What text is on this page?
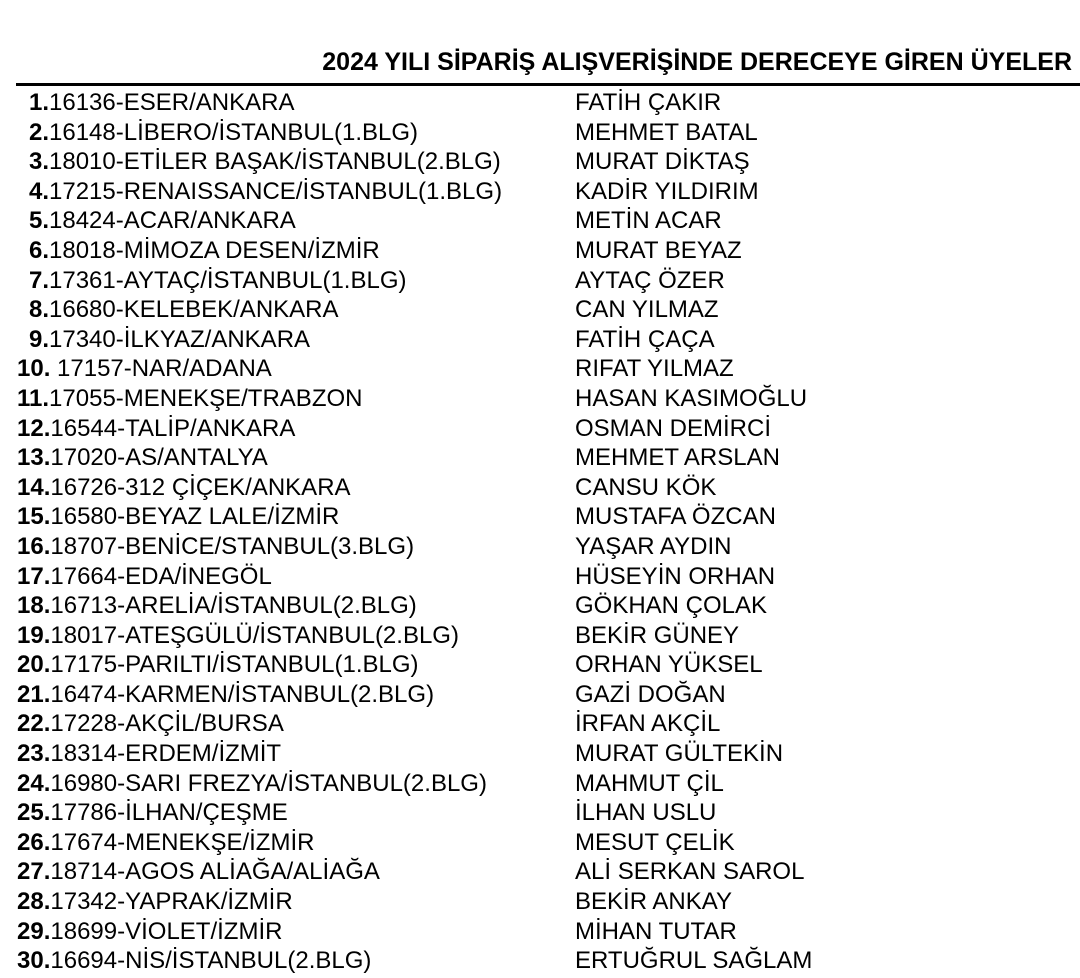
2024 YILI SİPARİŞ ALIŞVERİŞİNDE DERECEYE GİREN ÜYELER
1.16136-ESER/ANKARA	FATİH ÇAKIR
2.16148-LİBERO/İSTANBUL(1.BLG)	MEHMET BATAL
3.18010-ETİLER BAŞAK/İSTANBUL(2.BLG)	MURAT DİKTAŞ
4.17215-RENAISSANCE/İSTANBUL(1.BLG)	KADİR YILDIRIM
5.18424-ACAR/ANKARA	METİN ACAR
6.18018-MİMOZA DESEN/İZMİR	MURAT BEYAZ
7.17361-AYTAÇ/İSTANBUL(1.BLG)	AYTAÇ ÖZER
8.16680-KELEBEK/ANKARA	CAN YILMAZ
9.17340-İLKYAZ/ANKARA	FATİH ÇAÇA
10. 17157-NAR/ADANA	RIFAT YILMAZ
11.17055-MENEKŞE/TRABZON	HASAN KASIMOĞLU
12.16544-TALİP/ANKARA	OSMAN DEMİRCİ
13.17020-AS/ANTALYA	MEHMET ARSLAN
14.16726-312 ÇİÇEK/ANKARA	CANSU KÖK
15.16580-BEYAZ LALE/İZMİR	MUSTAFA ÖZCAN
16.18707-BENİCE/STANBUL(3.BLG)	YAŞAR AYDIN
17.17664-EDA/İNEGÖL	HÜSEYİN ORHAN
18.16713-ARELİA/İSTANBUL(2.BLG)	GÖKHAN ÇOLAK
19.18017-ATEŞGÜLÜ/İSTANBUL(2.BLG)	BEKİR GÜNEY
20.17175-PARILTI/İSTANBUL(1.BLG)	ORHAN YÜKSEL
21.16474-KARMEN/İSTANBUL(2.BLG)	GAZİ DOĞAN
22.17228-AKÇİL/BURSA	İRFAN AKÇİL
23.18314-ERDEM/İZMİT	MURAT GÜLTEKİN
24.16980-SARI FREZYA/İSTANBUL(2.BLG)	MAHMUT ÇİL
25.17786-İLHAN/ÇEŞME	İLHAN USLU
26.17674-MENEKŞE/İZMİR	MESUT ÇELİK
27.18714-AGOS ALİAĞA/ALİAĞA	ALİ SERKAN SAROL
28.17342-YAPRAK/İZMİR	BEKİR ANKAY
29.18699-VİOLET/İZMİR	MİHAN TUTAR
30.16694-NİS/İSTANBUL(2.BLG)	ERTUĞRUL SAĞLAM
